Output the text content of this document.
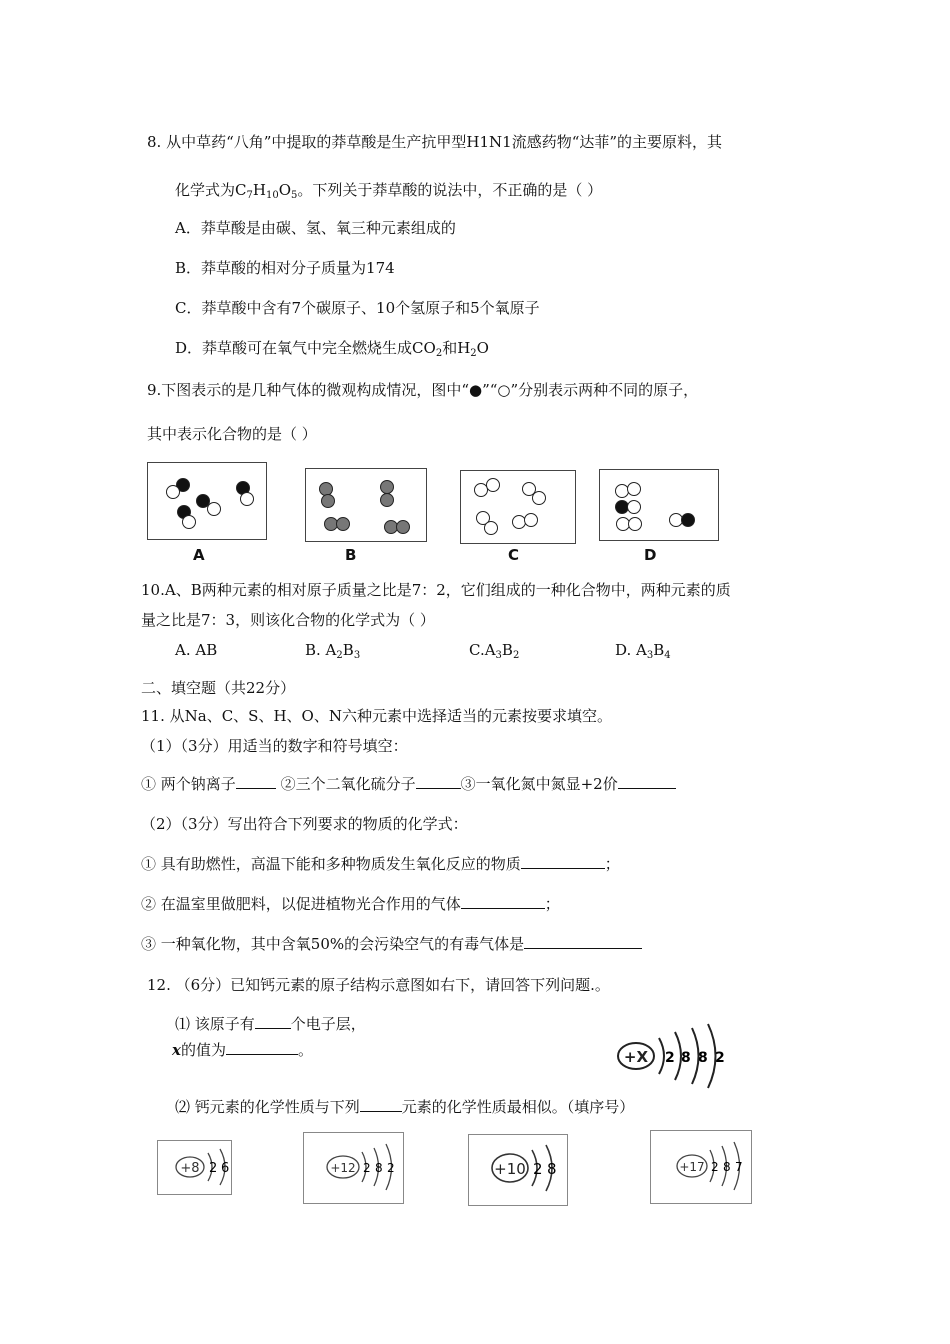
8. 从中草药“八角”中提取的莽草酸是生产抗甲型H1N1流感药物“达菲”的主要原料，其
化学式为$C_7H_{10}O_5$。下列关于莽草酸的说法中，不正确的是（ ）
A．莽草酸是由碳、氢、氧三种元素组成的
B．莽草酸的相对分子质量为174
C．莽草酸中含有7个碳原子、10个氢原子和5个氧原子
D．莽草酸可在氧气中完全燃烧生成$CO_2$和$H_2O$
9.下图表示的是几种气体的微观构成情况，图中“●”“○”分别表示两种不同的原子，
其中表示化合物的是（ ）
A	B	C	D
10.A、B两种元素的相对原子质量之比是7：2，它们组成的一种化合物中，两种元素的质
量之比是7：3，则该化合物的化学式为（ ）
A. AB	B. $A_2B_3$	$C.A_3B_2$	D. $A_3B_4$
二、填空题（共22分）
11. 从Na、C、S、H、O、N六种元素中选择适当的元素按要求填空。
（1）（3分）用适当的数字和符号填空：
① 两个钠离子	②三个二氧化硫分子	③一氧化氮中氮显+2价
（2）（3分）写出符合下列要求的物质的化学式：
① 具有助燃性，高温下能和多种物质发生氧化反应的物质	；
② 在温室里做肥料，以促进植物光合作用的气体	；
③ 一种氧化物，其中含氧50%的会污染空气的有毒气体是
12. （6分）已知钙元素的原子结构示意图如右下，请回答下列问题.。
⑴ 该原子有 个电子层，
x的值为	。
⑵ 钙元素的化学性质与下列	元素的化学性质最相似。（填序号）
+X 2 8 8 2
+8 2 6	+12 2 8 2	+10 2 8	+17 2 8 7
